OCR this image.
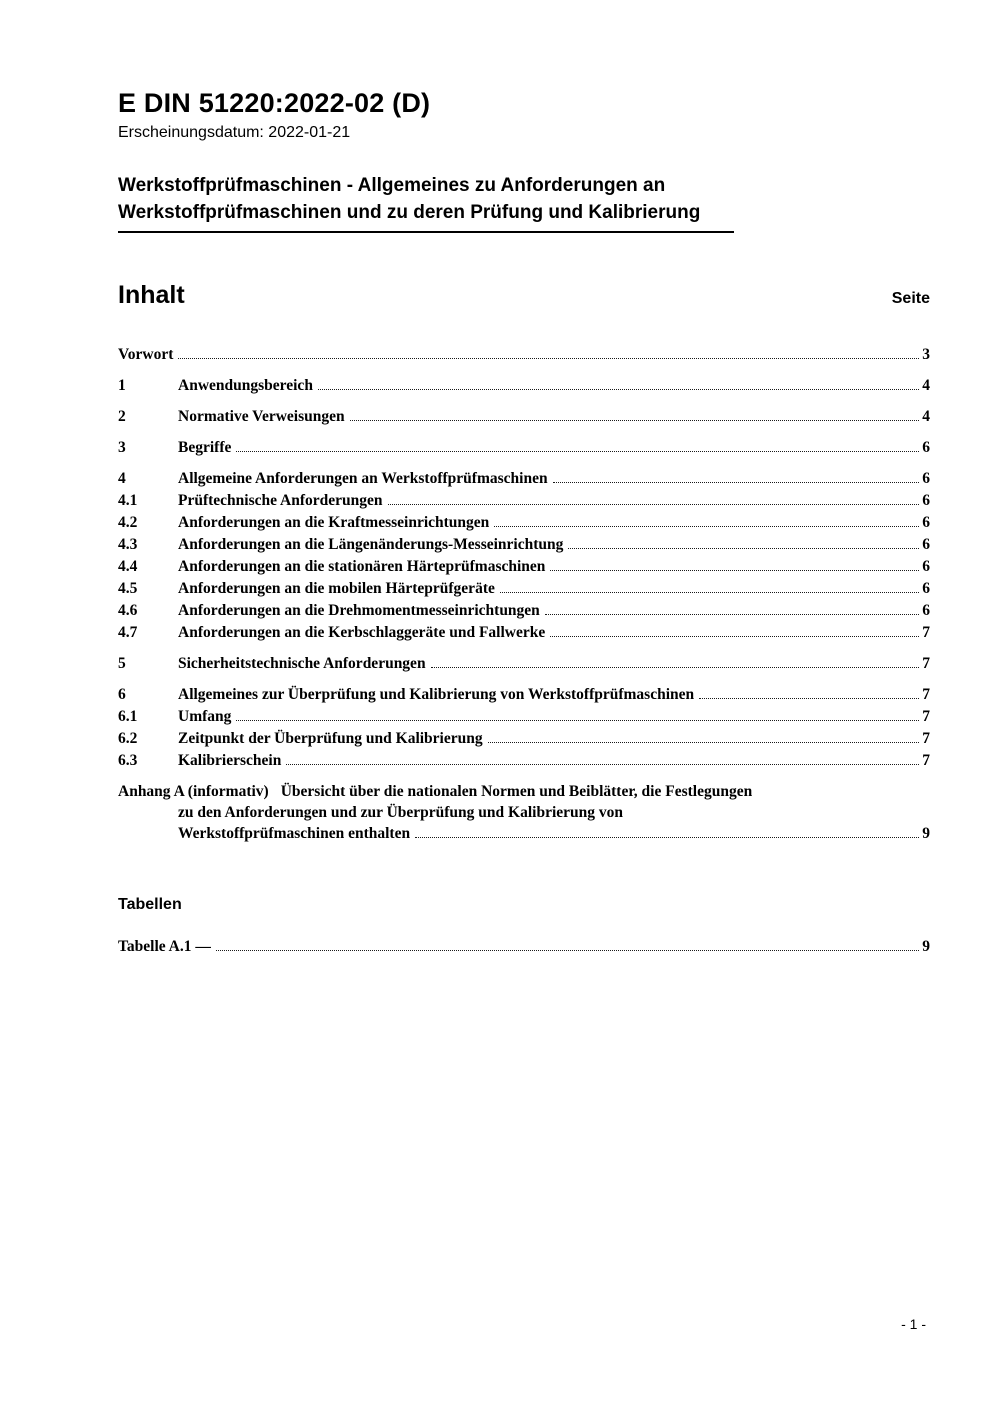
E DIN 51220:2022-02 (D)
Erscheinungsdatum: 2022-01-21
Werkstoffprüfmaschinen - Allgemeines zu Anforderungen an
Werkstoffprüfmaschinen und zu deren Prüfung und Kalibrierung
Inhalt	Seite
Vorwort	3
1	Anwendungsbereich	4
2	Normative Verweisungen	4
3	Begriffe	6
4	Allgemeine Anforderungen an Werkstoffprüfmaschinen	6
4.1	Prüftechnische Anforderungen	6
4.2	Anforderungen an die Kraftmesseinrichtungen	6
4.3	Anforderungen an die Längenänderungs-Messeinrichtung	6
4.4	Anforderungen an die stationären Härteprüfmaschinen	6
4.5	Anforderungen an die mobilen Härteprüfgeräte	6
4.6	Anforderungen an die Drehmomentmesseinrichtungen	6
4.7	Anforderungen an die Kerbschlaggeräte und Fallwerke	7
5	Sicherheitstechnische Anforderungen	7
6	Allgemeines zur Überprüfung und Kalibrierung von Werkstoffprüfmaschinen	7
6.1	Umfang	7
6.2	Zeitpunkt der Überprüfung und Kalibrierung	7
6.3	Kalibrierschein	7
Anhang A (informativ) Übersicht über die nationalen Normen und Beiblätter, die Festlegungen
zu den Anforderungen und zur Überprüfung und Kalibrierung von
Werkstoffprüfmaschinen enthalten	9
Tabellen
Tabelle A.1 —	9
- 1 -
